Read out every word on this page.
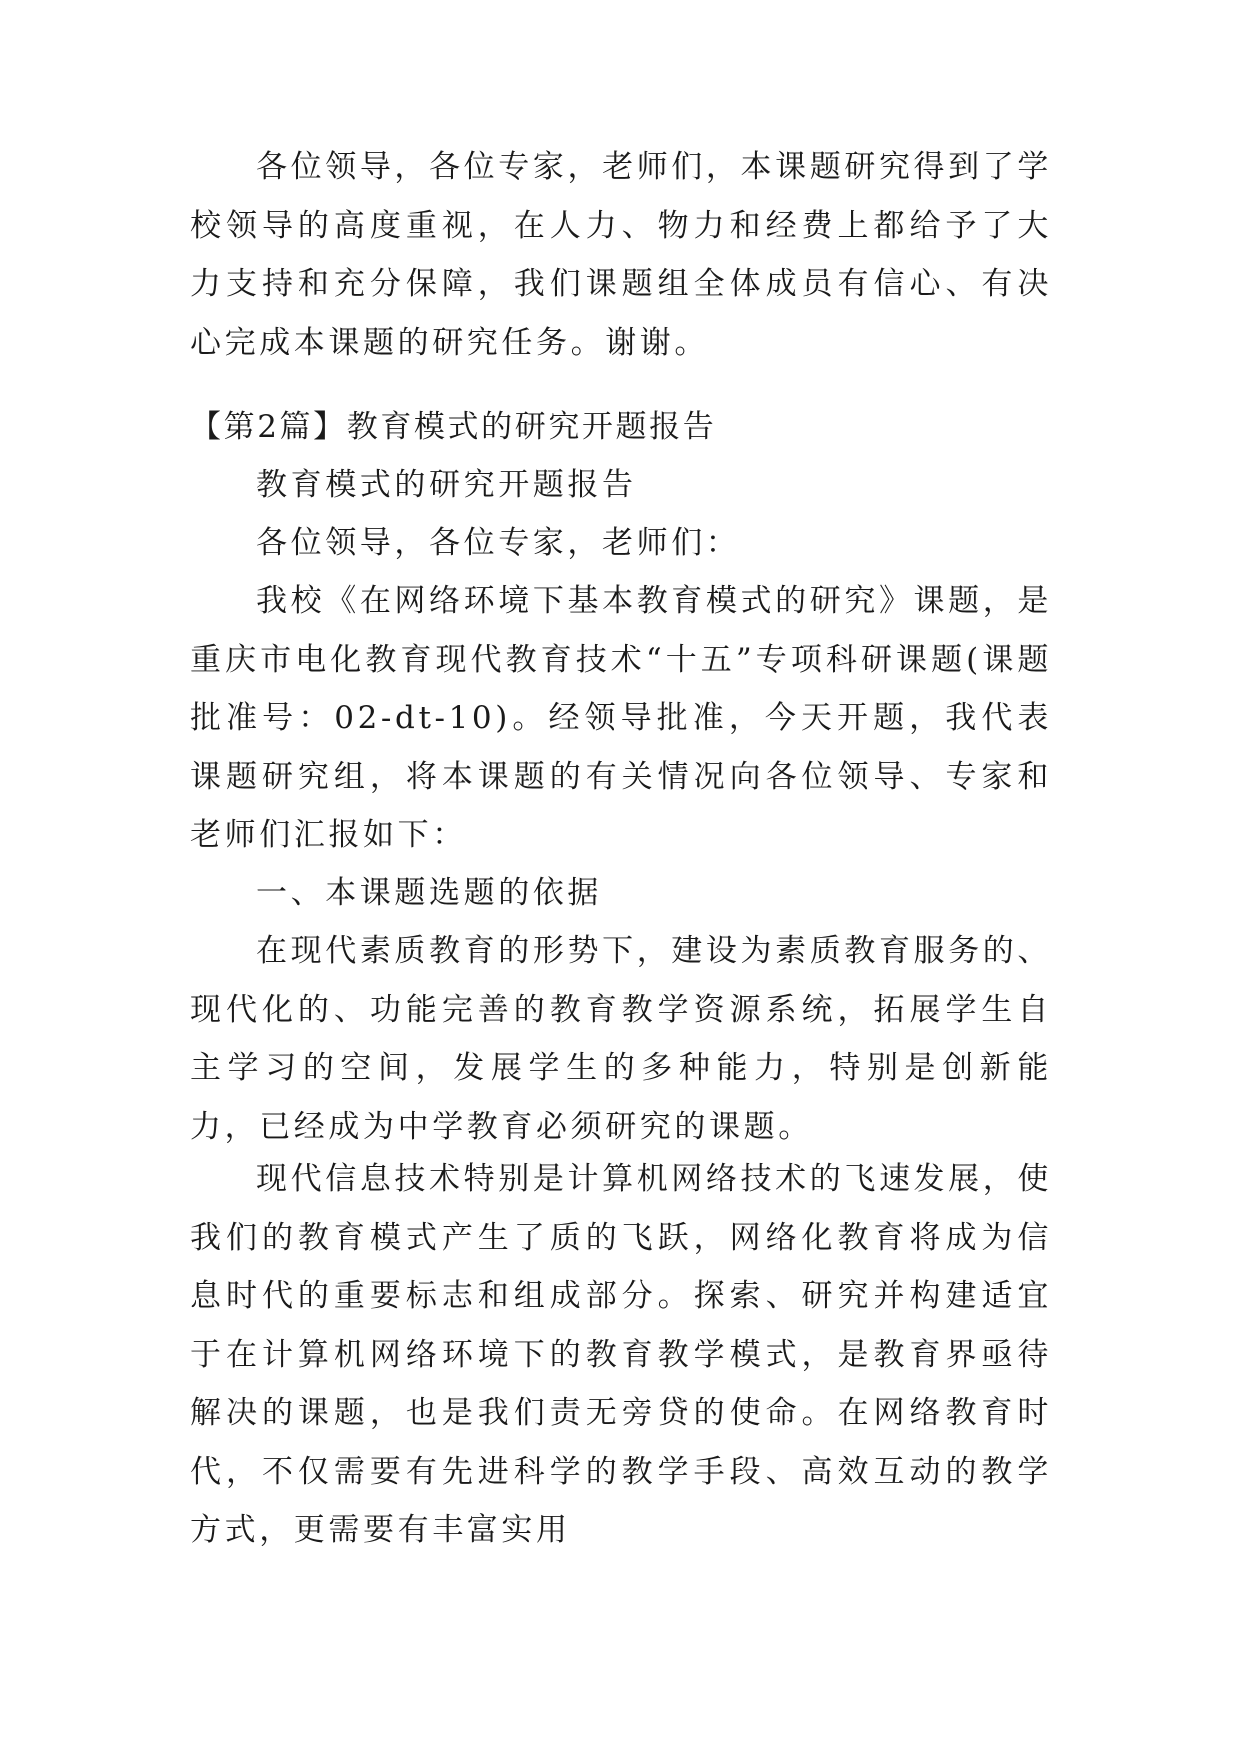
各位领导，各位专家，老师们，本课题研究得到了学校领导的高度重视，在人力、物力和经费上都给予了大力支持和充分保障，我们课题组全体成员有信心、有决心完成本课题的研究任务。谢谢。

【第2篇】教育模式的研究开题报告

教育模式的研究开题报告

各位领导，各位专家，老师们：

我校《在网络环境下基本教育模式的研究》课题，是重庆市电化教育现代教育技术“十五”专项科研课题(课题批准号：02-dt-10)。经领导批准，今天开题，我代表课题研究组，将本课题的有关情况向各位领导、专家和老师们汇报如下：

一、本课题选题的依据

在现代素质教育的形势下，建设为素质教育服务的、现代化的、功能完善的教育教学资源系统，拓展学生自主学习的空间，发展学生的多种能力，特别是创新能力，已经成为中学教育必须研究的课题。

现代信息技术特别是计算机网络技术的飞速发展，使我们的教育模式产生了质的飞跃，网络化教育将成为信息时代的重要标志和组成部分。探索、研究并构建适宜于在计算机网络环境下的教育教学模式，是教育界亟待解决的课题，也是我们责无旁贷的使命。在网络教育时代，不仅需要有先进科学的教学手段、高效互动的教学方式，更需要有丰富实用
